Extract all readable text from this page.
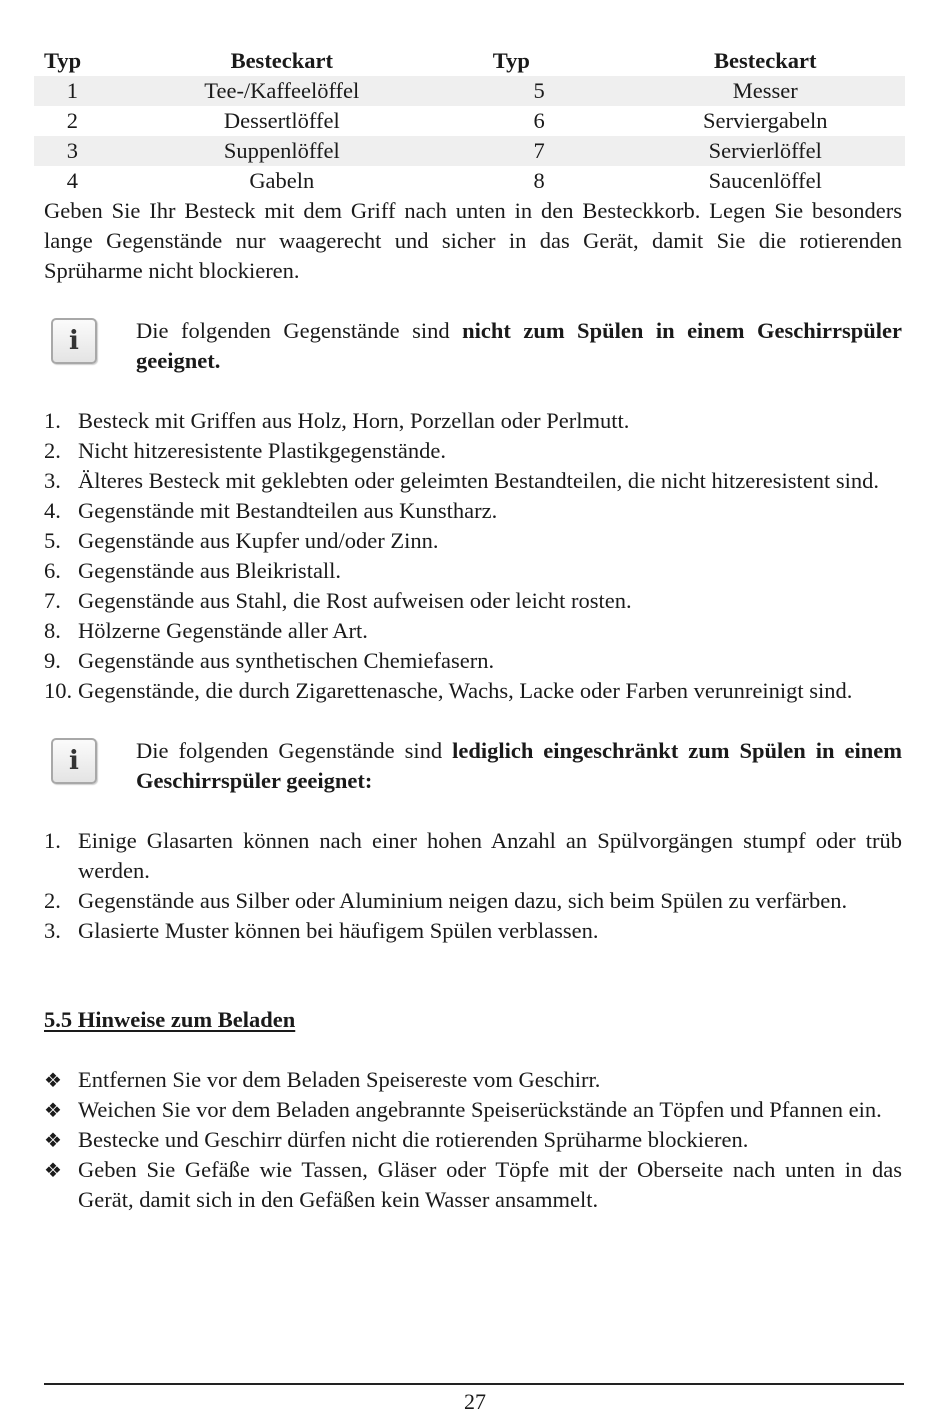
Typ	Besteckart	Typ	Besteckart
1	Tee-/Kaffeelöffel	5	Messer
2	Dessertlöffel	6	Serviergabeln
3	Suppenlöffel	7	Servierlöffel
4	Gabeln	8	Saucenlöffel

Geben Sie Ihr Besteck mit dem Griff nach unten in den Besteckkorb. Legen Sie besonders lange Gegenstände nur waagerecht und sicher in das Gerät, damit Sie die rotierenden Sprüharme nicht blockieren.

i	Die folgenden Gegenstände sind nicht zum Spülen in einem Geschirrspüler geeignet.
1. Besteck mit Griffen aus Holz, Horn, Porzellan oder Perlmutt.
2. Nicht hitzeresistente Plastikgegenstände.
3. Älteres Besteck mit geklebten oder geleimten Bestandteilen, die nicht hitzeresistent sind.
4. Gegenstände mit Bestandteilen aus Kunstharz.
5. Gegenstände aus Kupfer und/oder Zinn.
6. Gegenstände aus Bleikristall.
7. Gegenstände aus Stahl, die Rost aufweisen oder leicht rosten.
8. Hölzerne Gegenstände aller Art.
9. Gegenstände aus synthetischen Chemiefasern.
10. Gegenstände, die durch Zigarettenasche, Wachs, Lacke oder Farben verunreinigt sind.
i	Die folgenden Gegenstände sind lediglich eingeschränkt zum Spülen in einem Geschirrspüler geeignet:
1. Einige Glasarten können nach einer hohen Anzahl an Spülvorgängen stumpf oder trüb werden.
2. Gegenstände aus Silber oder Aluminium neigen dazu, sich beim Spülen zu verfärben.
3. Glasierte Muster können bei häufigem Spülen verblassen.
5.5 Hinweise zum Beladen
❖ Entfernen Sie vor dem Beladen Speisereste vom Geschirr.
❖ Weichen Sie vor dem Beladen angebrannte Speiserückstände an Töpfen und Pfannen ein.
❖ Bestecke und Geschirr dürfen nicht die rotierenden Sprüharme blockieren.
❖ Geben Sie Gefäße wie Tassen, Gläser oder Töpfe mit der Oberseite nach unten in das Gerät, damit sich in den Gefäßen kein Wasser ansammelt.
27
